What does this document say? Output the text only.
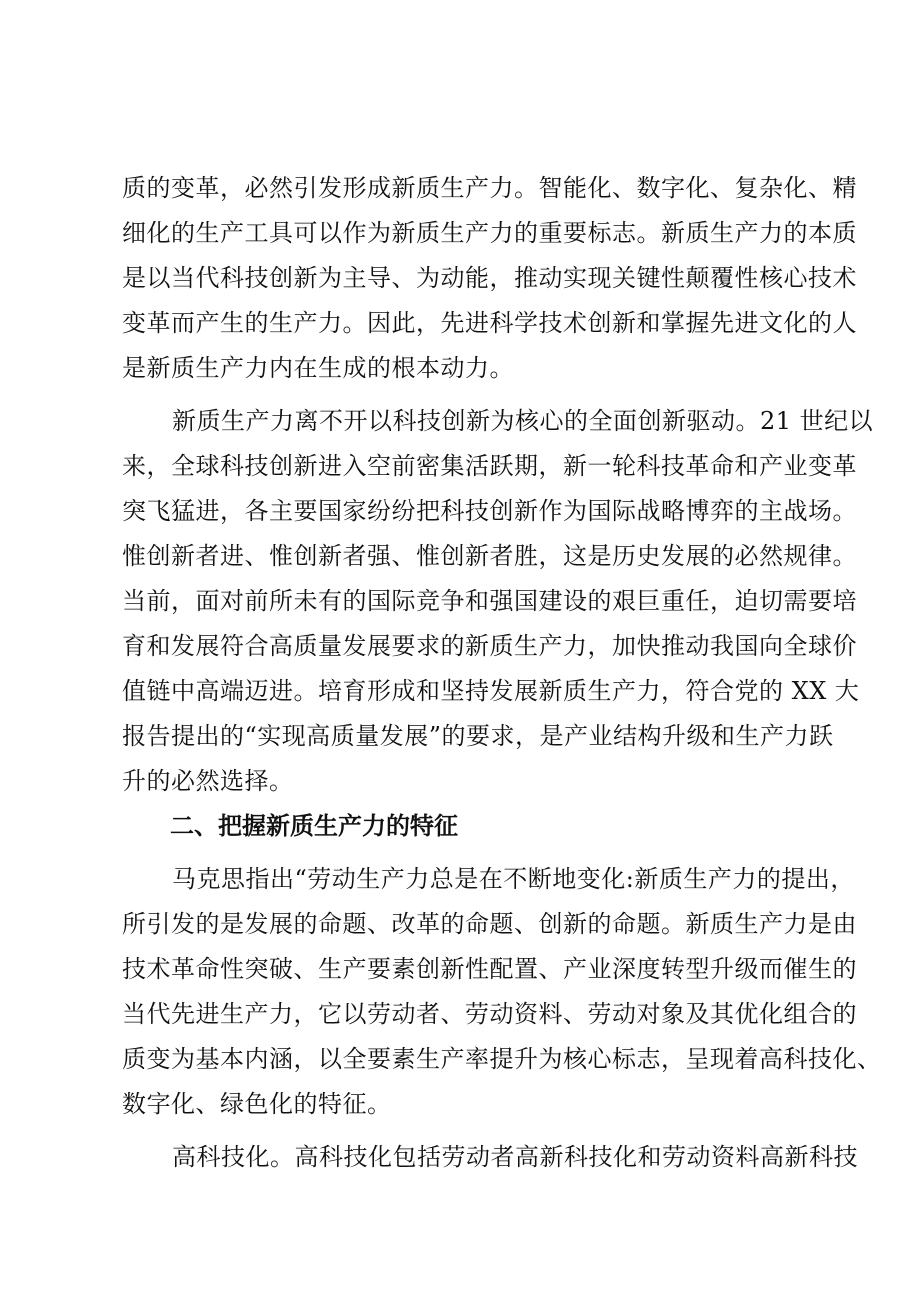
质的变革，必然引发形成新质生产力。智能化、数字化、复杂化、精
细化的生产工具可以作为新质生产力的重要标志。新质生产力的本质
是以当代科技创新为主导、为动能，推动实现关键性颠覆性核心技术
变革而产生的生产力。因此，先进科学技术创新和掌握先进文化的人
是新质生产力内在生成的根本动力。
新质生产力离不开以科技创新为核心的全面创新驱动。21 世纪以
来，全球科技创新进入空前密集活跃期，新一轮科技革命和产业变革
突飞猛进，各主要国家纷纷把科技创新作为国际战略博弈的主战场。
惟创新者进、惟创新者强、惟创新者胜，这是历史发展的必然规律。
当前，面对前所未有的国际竞争和强国建设的艰巨重任，迫切需要培
育和发展符合高质量发展要求的新质生产力，加快推动我国向全球价
值链中高端迈进。培育形成和坚持发展新质生产力，符合党的 XX 大
报告提出的“实现高质量发展”的要求，是产业结构升级和生产力跃
升的必然选择。
二、把握新质生产力的特征
马克思指出“劳动生产力总是在不断地变化:新质生产力的提出，
所引发的是发展的命题、改革的命题、创新的命题。新质生产力是由
技术革命性突破、生产要素创新性配置、产业深度转型升级而催生的
当代先进生产力，它以劳动者、劳动资料、劳动对象及其优化组合的
质变为基本内涵，以全要素生产率提升为核心标志，呈现着高科技化、
数字化、绿色化的特征。
高科技化。高科技化包括劳动者高新科技化和劳动资料高新科技
